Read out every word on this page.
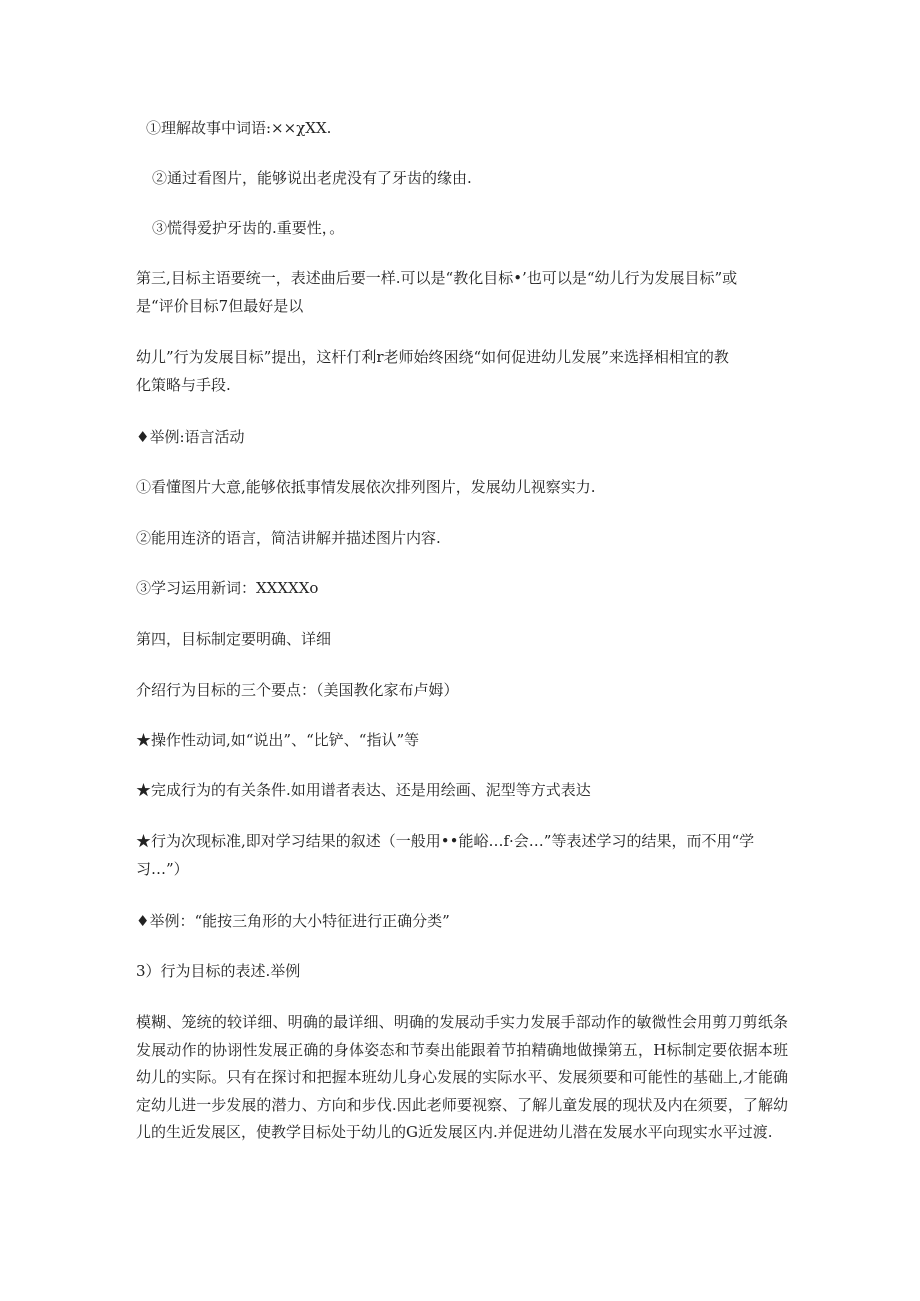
①理解故事中词语:××χXX.

②通过看图片，能够说出老虎没有了牙齿的缘由.

③慌得爱护牙齿的.重要性，。

第三,目标主语要统一，表述曲后要一样.可以是“教化目标•’也可以是“幼儿行为发展目标”或

是“评价目标7但最好是以

幼儿”行为发展目标”提出，这杆仃利r老师始终困绕“如何促进幼儿发展”来选择相相宜的教

化策略与手段.

♦举例:语言活动

①看懂图片大意,能够依抵事情发展依次排列图片，发展幼儿视察实力.

②能用连济的语言，简洁讲解并描述图片内容.

③学习运用新词：XXXXXo

第四，目标制定要明确、详细

介绍行为目标的三个要点：（美国教化家布卢姆）

★操作性动词,如“说出”、“比铲、“指认”等

★完成行为的有关条件.如用谱者表达、还是用绘画、泥型等方式表达

★行为次现标准,即对学习结果的叙述（一般用••能峪…f·会…”等表述学习的结果，而不用“学

习…”）

♦举例：“能按三角形的大小特征进行正确分类”

3）行为目标的表述.举例

模糊、笼统的较详细、明确的最详细、明确的发展动手实力发展手部动作的敏微性会用剪刀剪纸条发展动作的协诩性发展正确的身体姿态和节奏出能跟着节拍精确地做操第五，H标制定要依据本班幼儿的实际。只有在探讨和把握本班幼儿身心发展的实际水平、发展须要和可能性的基础上,才能确定幼儿进一步发展的潜力、方向和步伐.因此老师要视察、了解儿童发展的现状及内在须要，了解幼儿的生近发展区，使教学目标处于幼儿的G近发展区内.并促进幼儿潜在发展水平向现实水平过渡.
